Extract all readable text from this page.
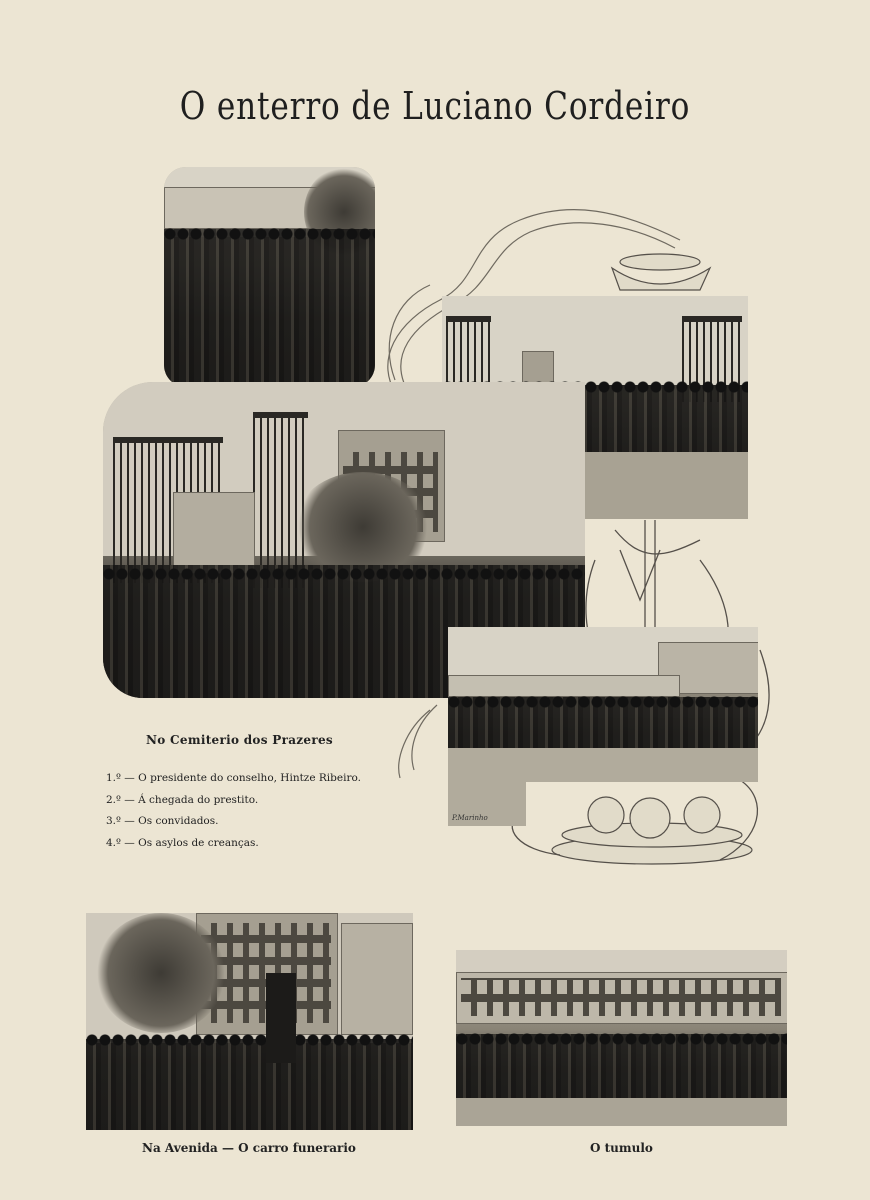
O enterro de Luciano Cordeiro
P.Marinho
No Cemiterio dos Prazeres
1.º — O presidente do conselho, Hintze Ribeiro.
2.º — Á chegada do prestito.
3.º — Os convidados.
4.º — Os asylos de creanças.
Na Avenida — O carro funerario	O tumulo
